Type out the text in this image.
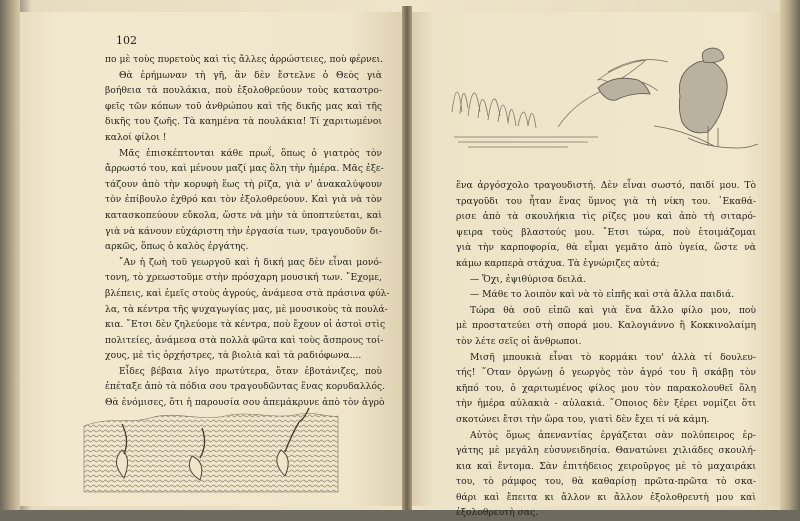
102
πο μὲ τοὺς πυρετοὺς καὶ τὶς ἄλλες ἀρρώστειες, ποὺ φέρνει.
Θὰ ἐρήμωναν τὴ γῆ, ἂν δὲν ἔστελνε ὁ Θεὸς γιὰ
βοήθεια τὰ πουλάκια, ποὺ ἐξολοθρεύουν τοὺς καταστρο-
φεῖς τῶν κόπων τοῦ ἀνθρώπου καὶ τῆς δικῆς μας καὶ τῆς
δικῆς του ζωῆς. Τὰ καημένα τὰ πουλάκια! Τί χαριτωμένοι
καλοί φίλοι !
Μᾶς ἐπισκέπτονται κάθε πρωΐ, ὅπως ὁ γιατρὸς τὸν
ἄρρωστό του, καὶ μένουν μαζί μας ὅλη τὴν ἡμέρα. Μᾶς ἐξε-
τάζουν ἀπὸ τὴν κορυφὴ ἕως τὴ ρίζα, γιὰ ν' ἀνακαλύψουν
τὸν ἐπίβουλο ἐχθρό και τὸν ἐξολοθρεύουν. Καὶ γιὰ νὰ τὸν
κατασκοπεύουν εὔκολα, ὥστε νὰ μὴν τὰ ὑποπτεύεται, καὶ
γιὰ νὰ κάνουν εὐχάριστη τὴν ἐργασία των, τραγουδοῦν δι-
αρκῶς, ὅπως ὁ καλὸς ἐργάτης.
῎Αν ἡ ζωὴ τοῦ γεωργοῦ καὶ ἡ δική μας δὲν εἶναι μονό-
τονη, τὸ χρεωστοῦμε στὴν πρόσχαρη μουσική των. ῎Εχομε,
βλέπεις, καὶ ἐμεῖς στοὺς ἀγρούς, ἀνάμεσα στὰ πράσινα φύλ-
λα, τὰ κέντρα τῆς ψυχαγωγίας μας, μὲ μουσικοὺς τὰ πουλά-
κια. ῎Ετσι δὲν ζηλεύομε τὰ κέντρα, ποὺ ἔχουν οἱ ἀστοὶ στὶς
πολιτείες, ἀνάμεσα στὰ πολλὰ φῶτα καὶ τοὺς ἄσπρους τοί-
χους, μὲ τὶς ὀρχήστρες, τὰ βιολιὰ καὶ τὰ ραδιόφωνα....
Εἶδες βέβαια λίγο πρωτύτερα, ὅταν ἐβοτάνιζες, ποὺ
ἐπέταξε ἀπὸ τὰ πόδια σου τραγουδῶντας ἕνας κορυδαλλός.
Θὰ ἐνόμισες, ὅτι ἡ παρουσία σου ἀπεμάκρυνε ἀπὸ τὸν ἀγρὸ
ἕνα ἀργόσχολο τραγουδιστή. Δὲν εἶναι σωστό, παιδί μου. Τὸ
τραγοῦδι του ἦταν ἕνας ὕμνος γιὰ τὴ νίκη του. ᾿Εκαθά-
ρισε ἀπὸ τὰ σκουλήκια τὶς ρίζες μου καὶ ἀπὸ τὴ σιταρό-
ψειρα τοὺς βλαστούς μου. ῎Ετσι τώρα, ποὺ ἑτοιμάζομαι
γιὰ τὴν καρποφορία, θὰ εἶμαι γεμᾶτο ἀπὸ ὑγεία, ὥστε νὰ
κάμω καρπερὰ στάχυα. Τὰ ἐγνώριζες αὐτά;
— Ὄχι, ἐψιθύρισα δειλά.
— Μάθε το λοιπὸν καὶ νὰ τὸ εἰπῆς καὶ στὰ ἄλλα παιδιά.
Τώρα θὰ σοῦ εἰπῶ καὶ γιὰ ἕνα ἄλλο φίλο μου, ποὺ
μὲ προστατεύει στὴ σπορά μου. Καλογιάννο ἢ Κοκκινολαίμη
τὸν λέτε σεῖς οἱ ἄνθρωποι.
Μισῆ μπουκιὰ εἶναι τὸ κορμάκι του' ἀλλὰ τί δουλευ-
τής! ῞Οταν ὀργώνῃ ὁ γεωργὸς τὸν ἀγρό του ἢ σκάβῃ τὸν
κῆπό του, ὁ χαριτωμένος φίλος μου τὸν παρακολουθεῖ ὅλη
τὴν ἡμέρα αὐλακιὰ - αὐλακιά. ῞Οποιος δὲν ξέρει νομίζει ὅτι
σκοτώνει ἔτσι τὴν ὥρα του, γιατὶ δὲν ἔχει τί νὰ κάμη.
Αὐτὸς ὅμως ἀπεναντίας ἐργάζεται σὰν πολύπειρος ἐρ-
γάτης μὲ μεγάλη εὐσυνειδησία. Θανατώνει χιλιάδες σκουλή-
κια καὶ ἔντομα. Σὰν ἐπιτήδειος χειροῦργος μὲ τὸ μαχαιράκι
του, τὸ ράμφος του, θὰ καθαρίσῃ πρῶτα-πρῶτα τὸ σκα-
θάρι καὶ ἔπειτα κι ἄλλον κι ἄλλον ἐξολοθρευτὴ μου καὶ
ἐξολοθρευτὴ σας.
